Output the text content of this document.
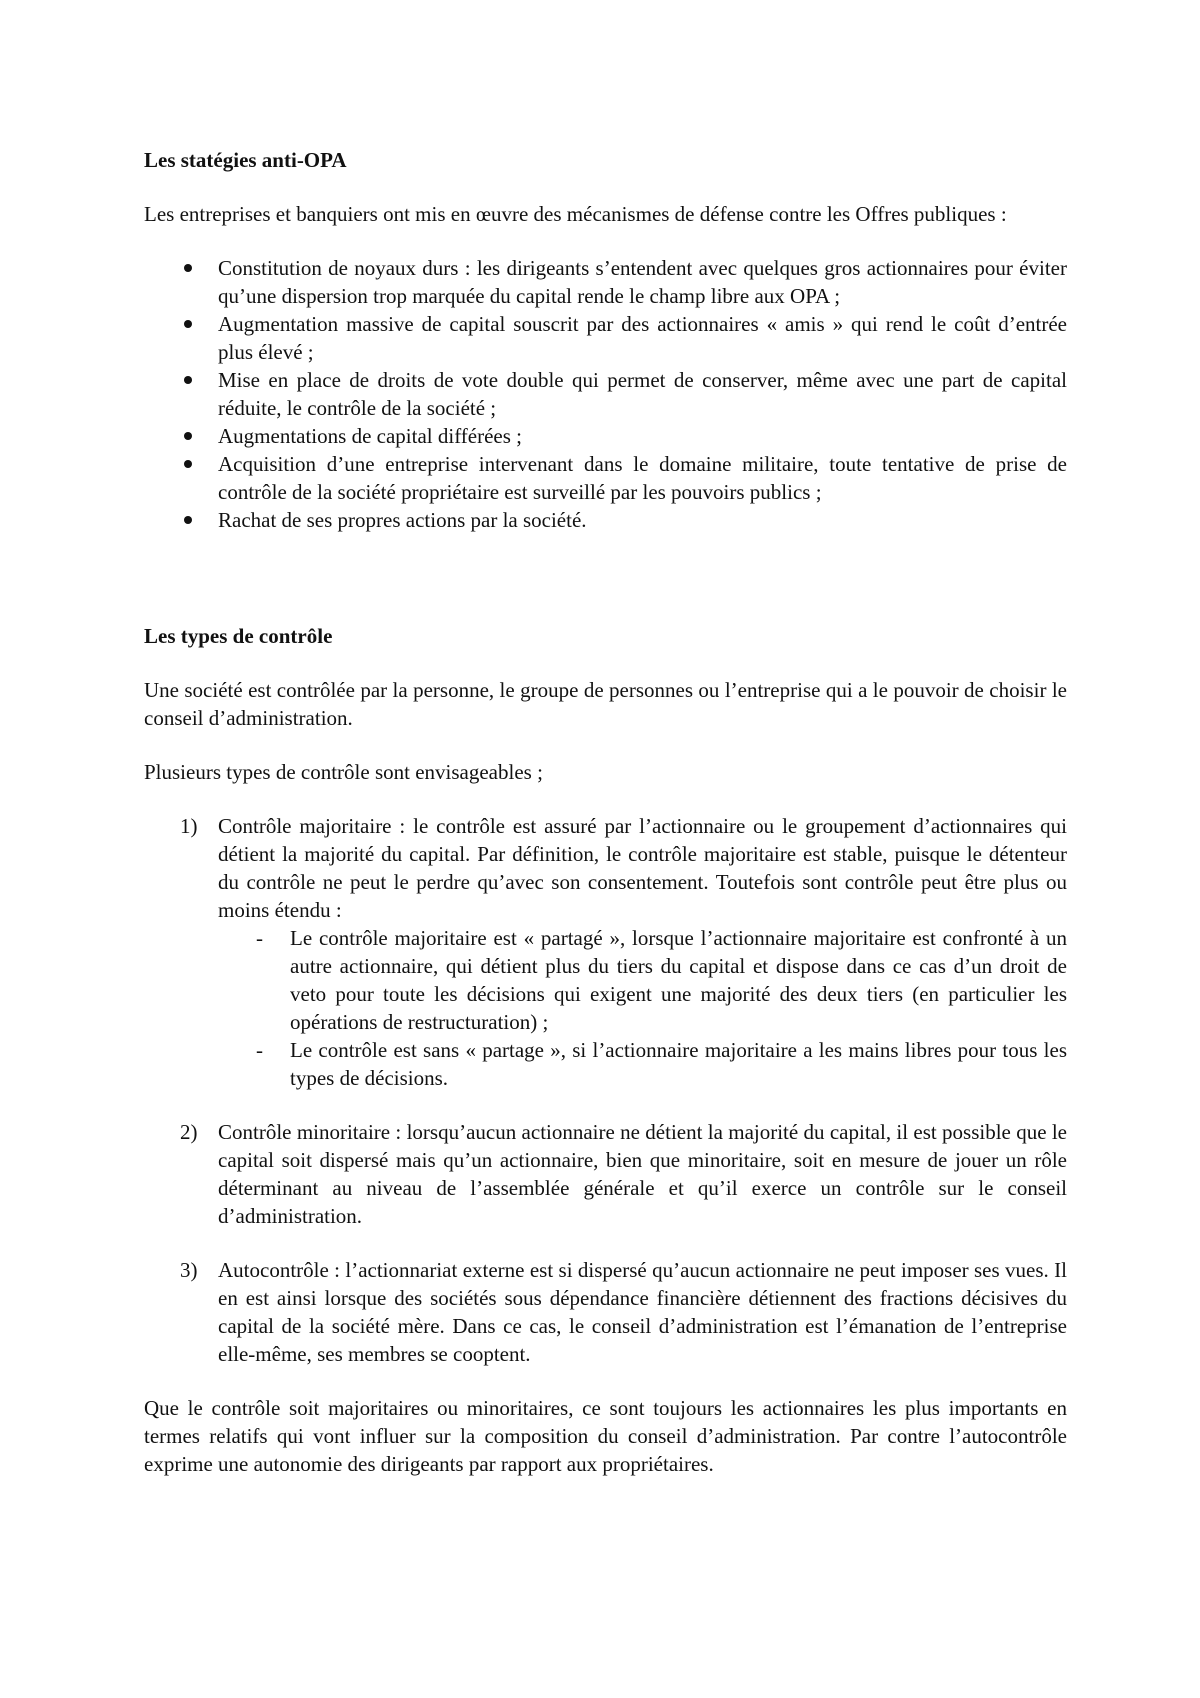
Les statégies anti-OPA
Les entreprises et banquiers ont mis en œuvre des mécanismes de défense contre les Offres publiques :
Constitution de noyaux durs : les dirigeants s’entendent avec quelques gros actionnaires pour éviter qu’une dispersion trop marquée du capital rende le champ libre aux OPA ;
Augmentation massive de capital souscrit par des actionnaires « amis » qui rend le coût d’entrée plus élevé ;
Mise en place de droits de vote double qui permet de conserver, même avec une part de capital réduite, le contrôle de la société ;
Augmentations de capital différées ;
Acquisition d’une entreprise intervenant dans le domaine militaire, toute tentative de prise de contrôle de la société propriétaire est surveillé par les pouvoirs publics ;
Rachat de ses propres actions par la société.
Les types de contrôle
Une société est contrôlée par la personne, le groupe de personnes ou l’entreprise qui a le pouvoir de choisir le conseil d’administration.
Plusieurs types de contrôle sont envisageables ;
1) Contrôle majoritaire : le contrôle est assuré par l’actionnaire ou le groupement d’actionnaires qui détient la majorité du capital. Par définition, le contrôle majoritaire est stable, puisque le détenteur du contrôle ne peut le perdre qu’avec son consentement. Toutefois sont contrôle peut être plus ou moins étendu :
- Le contrôle majoritaire est « partagé », lorsque l’actionnaire majoritaire est confronté à un autre actionnaire, qui détient plus du tiers du capital et dispose dans ce cas d’un droit de veto pour toute les décisions qui exigent une majorité des deux tiers (en particulier les opérations de restructuration) ;
- Le contrôle est sans « partage », si l’actionnaire majoritaire a les mains libres pour tous les types de décisions.
2) Contrôle minoritaire : lorsqu’aucun actionnaire ne détient la majorité du capital, il est possible que le capital soit dispersé mais qu’un actionnaire, bien que minoritaire, soit en mesure de jouer un rôle déterminant au niveau de l’assemblée générale et qu’il exerce un contrôle sur le conseil d’administration.
3) Autocontrôle : l’actionnariat externe est si dispersé qu’aucun actionnaire ne peut imposer ses vues. Il en est ainsi lorsque des sociétés sous dépendance financière détiennent des fractions décisives du capital de la société mère. Dans ce cas, le conseil d’administration est l’émanation de l’entreprise elle-même, ses membres se cooptent.
Que le contrôle soit majoritaires ou minoritaires, ce sont toujours les actionnaires les plus importants en termes relatifs qui vont influer sur la composition du conseil d’administration. Par contre l’autocontrôle exprime une autonomie des dirigeants par rapport aux propriétaires.
